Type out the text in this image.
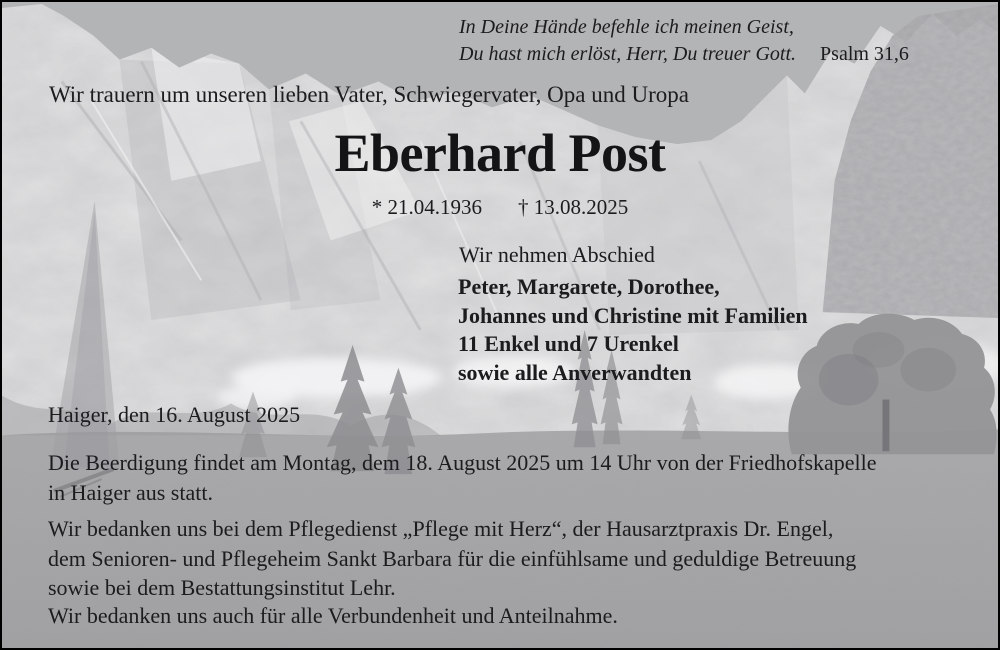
In Deine Hände befehle ich meinen Geist,
Du hast mich erlöst, Herr, Du treuer Gott. Psalm 31,6
Wir trauern um unseren lieben Vater, Schwiegervater, Opa und Uropa
Eberhard Post
* 21.04.1936 † 13.08.2025
Wir nehmen Abschied
Peter, Margarete, Dorothee,
Johannes und Christine mit Familien
11 Enkel und 7 Urenkel
sowie alle Anverwandten
Haiger, den 16. August 2025
Die Beerdigung findet am Montag, dem 18. August 2025 um 14 Uhr von der Friedhofskapelle
in Haiger aus statt.
Wir bedanken uns bei dem Pflegedienst „Pflege mit Herz“, der Hausarztpraxis Dr. Engel,
dem Senioren- und Pflegeheim Sankt Barbara für die einfühlsame und geduldige Betreuung
sowie bei dem Bestattungsinstitut Lehr.
Wir bedanken uns auch für alle Verbundenheit und Anteilnahme.
